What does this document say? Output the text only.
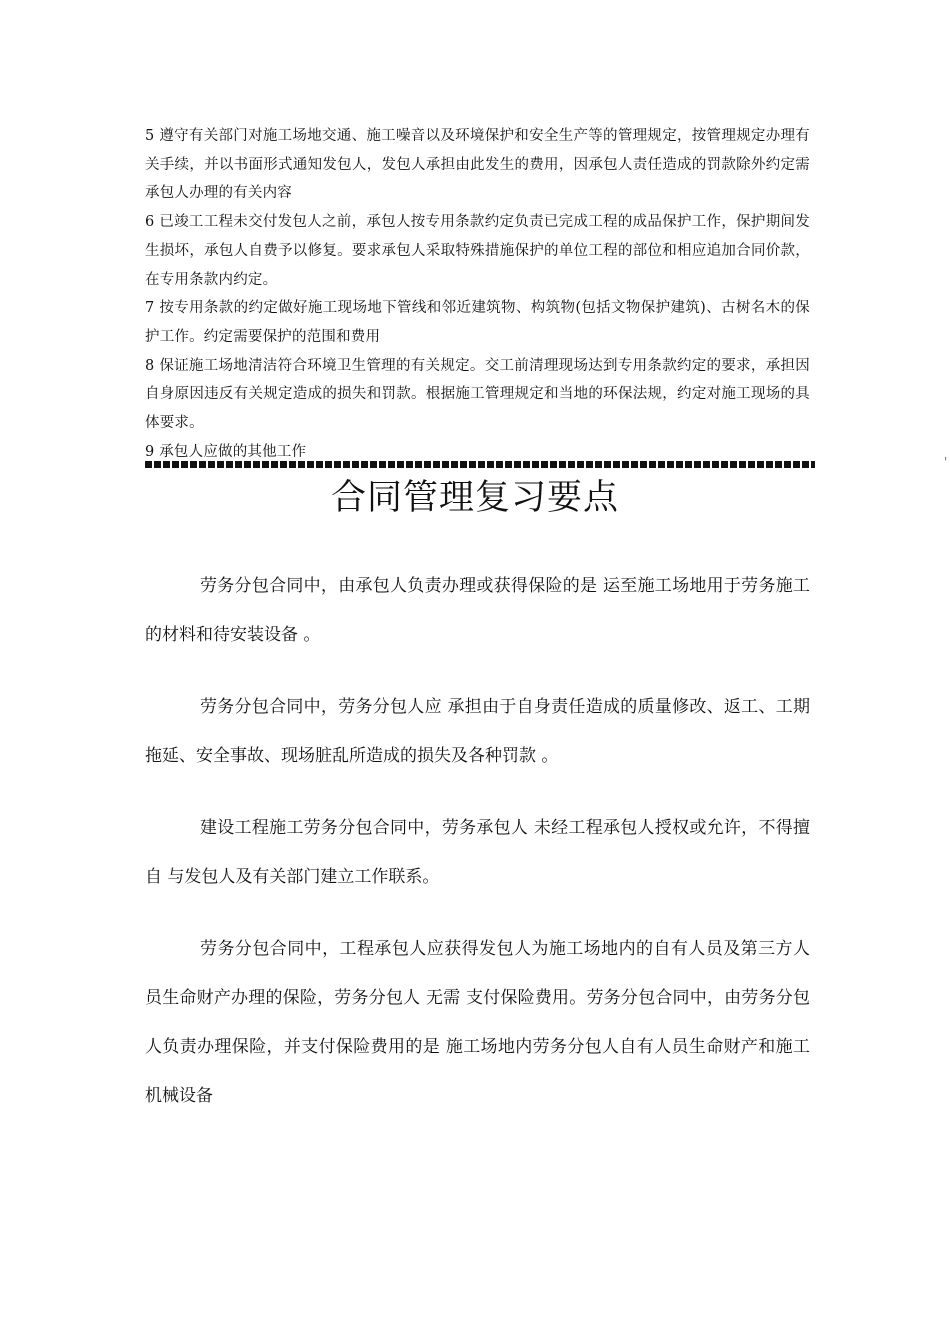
5 遵守有关部门对施工场地交通、施工噪音以及环境保护和安全生产等的管理规定，按管理规定办理有关手续，并以书面形式通知发包人，发包人承担由此发生的费用，因承包人责任造成的罚款除外约定需承包人办理的有关内容

6 已竣工工程未交付发包人之前，承包人按专用条款约定负责已完成工程的成品保护工作，保护期间发生损坏，承包人自费予以修复。要求承包人采取特殊措施保护的单位工程的部位和相应追加合同价款，在专用条款内约定。

7 按专用条款的约定做好施工现场地下管线和邻近建筑物、构筑物(包括文物保护建筑)、古树名木的保护工作。约定需要保护的范围和费用

8 保证施工场地清洁符合环境卫生管理的有关规定。交工前清理现场达到专用条款约定的要求，承担因自身原因违反有关规定造成的损失和罚款。根据施工管理规定和当地的环保法规，约定对施工现场的具体要求。

9 承包人应做的其他工作

合同管理复习要点

劳务分包合同中，由承包人负责办理或获得保险的是 运至施工场地用于劳务施工的材料和待安装设备 。

劳务分包合同中，劳务分包人应 承担由于自身责任造成的质量修改、返工、工期拖延、安全事故、现场脏乱所造成的损失及各种罚款 。

建设工程施工劳务分包合同中，劳务承包人 未经工程承包人授权或允许，不得擅自 与发包人及有关部门建立工作联系。

劳务分包合同中，工程承包人应获得发包人为施工场地内的自有人员及第三方人员生命财产办理的保险，劳务分包人 无需 支付保险费用。劳务分包合同中，由劳务分包人负责办理保险，并支付保险费用的是 施工场地内劳务分包人自有人员生命财产和施工机械设备

'
